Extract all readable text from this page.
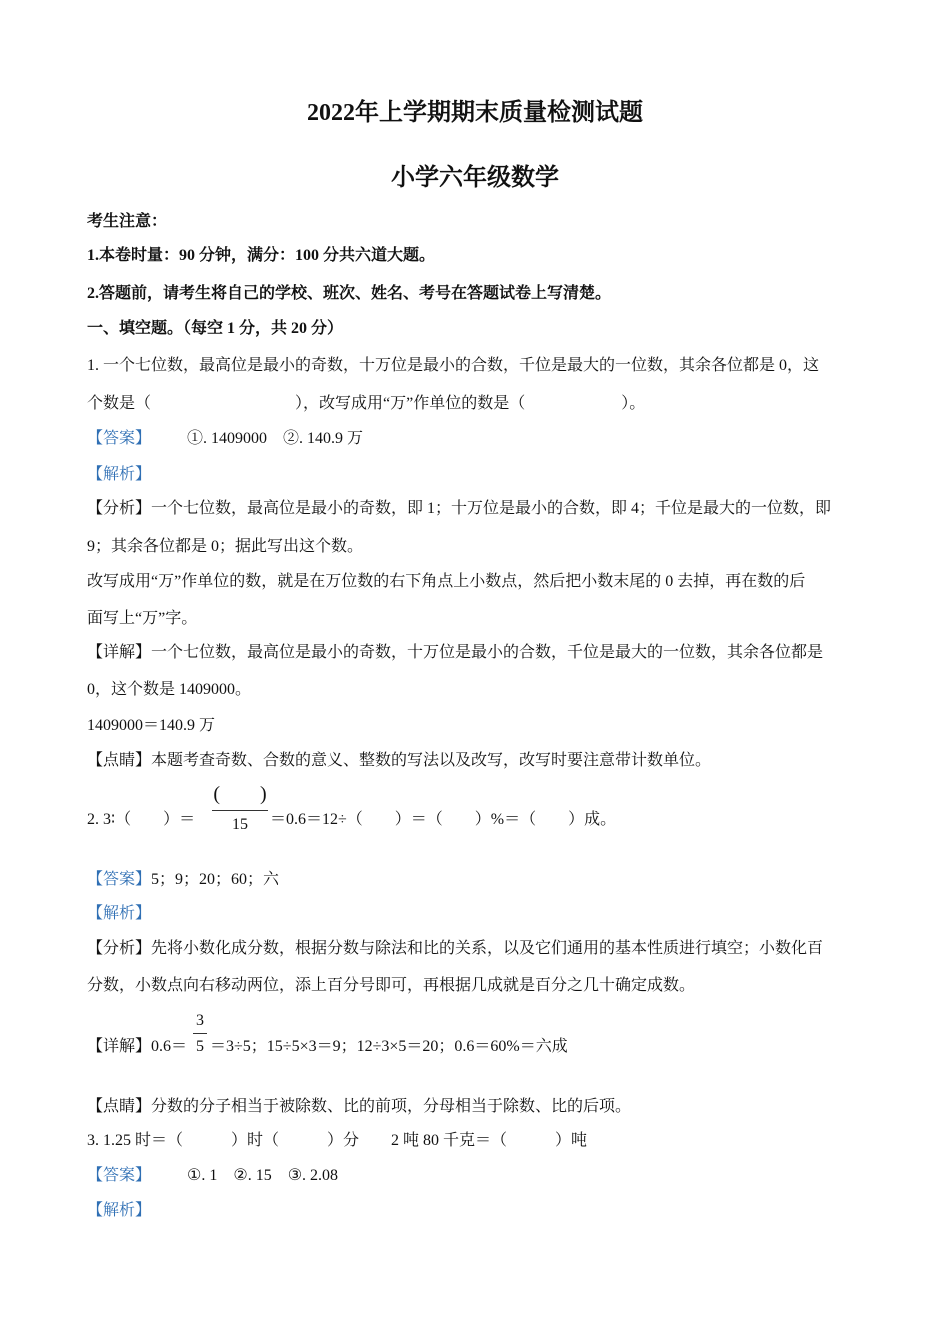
2022年上学期期末质量检测试题
小学六年级数学
考生注意：
1.本卷时量：90 分钟，满分：100 分共六道大题。
2.答题前，请考生将自己的学校、班次、姓名、考号在答题试卷上写清楚。
一、填空题。（每空 1 分，共 20 分）
1. 一个七位数，最高位是最小的奇数，十万位是最小的合数，千位是最大的一位数，其余各位都是 0，这
个数是（　　　　　　　　　），改写成用“万”作单位的数是（　　　　　　）。
【答案】 ①. 1409000　②. 140.9 万
【解析】
【分析】一个七位数，最高位是最小的奇数，即 1；十万位是最小的合数，即 4；千位是最大的一位数，即
9；其余各位都是 0；据此写出这个数。
改写成用“万”作单位的数，就是在万位数的右下角点上小数点，然后把小数末尾的 0 去掉，再在数的后
面写上“万”字。
【详解】一个七位数，最高位是最小的奇数，十万位是最小的合数，千位是最大的一位数，其余各位都是
0，这个数是 1409000。
1409000＝140.9 万
【点睛】本题考查奇数、合数的意义、整数的写法以及改写，改写时要注意带计数单位。
2. 3∶（　　）＝
(　　)
15	＝0.6＝12÷（　　）＝（　　）%＝（　　）成。
【答案】5；9；20；60；六
【解析】
【分析】先将小数化成分数，根据分数与除法和比的关系，以及它们通用的基本性质进行填空；小数化百
分数，小数点向右移动两位，添上百分号即可，再根据几成就是百分之几十确定成数。
【详解】0.6＝
3
5 ＝3÷5；15÷5×3＝9；12÷3×5＝20；0.6＝60%＝六成
【点睛】分数的分子相当于被除数、比的前项，分母相当于除数、比的后项。
3. 1.25 时＝（　　　）时（　　　）分　　2 吨 80 千克＝（　　　）吨
【答案】 ①. 1　②. 15　③. 2.08
【解析】
